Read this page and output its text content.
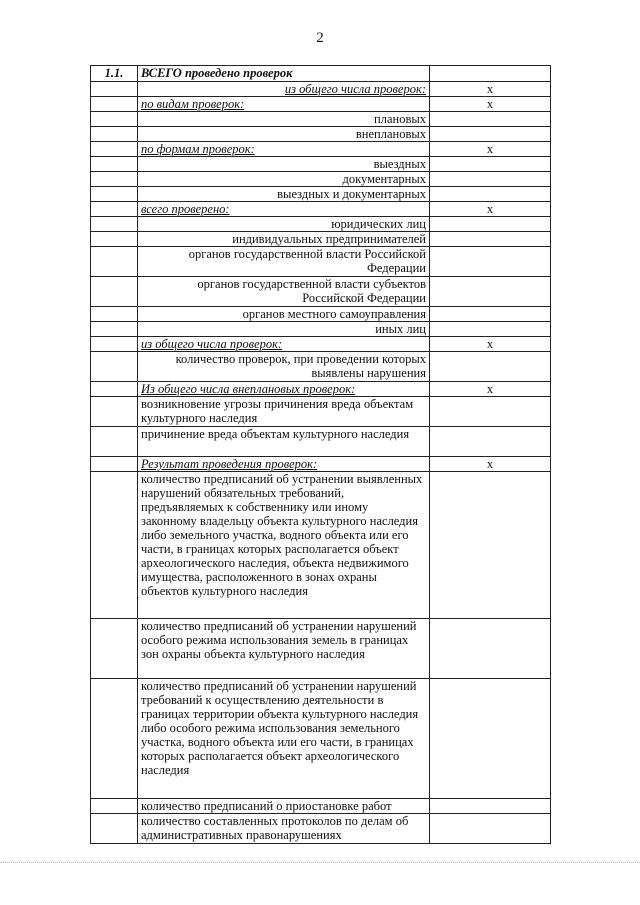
2
1.1.	ВСЕГО проведено проверок	
	из общего числа проверок:	x
	по видам проверок:	x
	плановых	
	внеплановых	
	по формам проверок:	x
	выездных	
	документарных	
	выездных и документарных	
	всего проверено:	x
	юридических лиц	
	индивидуальных предпринимателей	
	органов государственной власти Российской Федерации	
	органов государственной власти субъектов Российской Федерации	
	органов местного самоуправления	
	иных лиц	
	из общего числа проверок:	x
	количество проверок, при проведении которых выявлены нарушения	
	Из общего числа внеплановых проверок:	x
	возникновение угрозы причинения вреда объектам культурного наследия	
	причинение вреда объектам культурного наследия	
	Результат проведения проверок:	x
	количество предписаний об устранении выявленных нарушений обязательных требований, предъявляемых к собственнику или иному законному владельцу объекта культурного наследия либо земельного участка, водного объекта или его части, в границах которых располагается объект археологического наследия, объекта недвижимого имущества, расположенного в зонах охраны объектов культурного наследия	
	количество предписаний об устранении нарушений особого режима использования земель в границах зон охраны объекта культурного наследия	
	количество предписаний об устранении нарушений требований к осуществлению деятельности в границах территории объекта культурного наследия либо особого режима использования земельного участка, водного объекта или его части, в границах которых располагается объект археологического наследия	
	количество предписаний о приостановке работ	
	количество составленных протоколов по делам об административных правонарушениях	
